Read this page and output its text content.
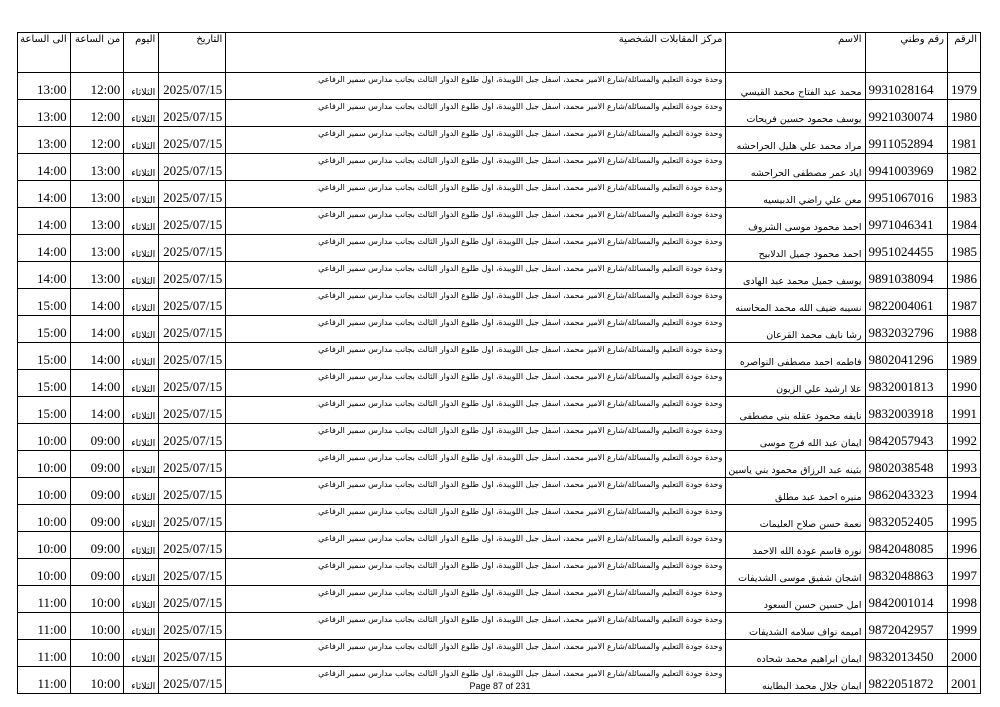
الرقم	رقم وطني	الاسم	مركز المقابلات الشخصية	التاريخ	اليوم	من الساعة	الى الساعة
1979	9931028164	محمد عبد الفتاح محمد القيسي	وحدة جودة التعليم والمسائلة/شارع الامير محمد، اسفل جبل اللويبدة، اول طلوع الدوار الثالث بجانب مدارس سمير الرفاعي	2025/07/15	الثلاثاء	12:00	13:00
1980	9921030074	يوسف محمود حسين فريحات	وحدة جودة التعليم والمسائلة/شارع الامير محمد، اسفل جبل اللويبدة، اول طلوع الدوار الثالث بجانب مدارس سمير الرفاعي	2025/07/15	الثلاثاء	12:00	13:00
1981	9911052894	مراد محمد علي هليل الحراحشه	وحدة جودة التعليم والمسائلة/شارع الامير محمد، اسفل جبل اللويبدة، اول طلوع الدوار الثالث بجانب مدارس سمير الرفاعي	2025/07/15	الثلاثاء	12:00	13:00
1982	9941003969	اياد عمر مصطفى الحراحشه	وحدة جودة التعليم والمسائلة/شارع الامير محمد، اسفل جبل اللويبدة، اول طلوع الدوار الثالث بجانب مدارس سمير الرفاعي	2025/07/15	الثلاثاء	13:00	14:00
1983	9951067016	معن علي راضي الدبيسيه	وحدة جودة التعليم والمسائلة/شارع الامير محمد، اسفل جبل اللويبدة، اول طلوع الدوار الثالث بجانب مدارس سمير الرفاعي	2025/07/15	الثلاثاء	13:00	14:00
1984	9971046341	احمد محمود موسى الشروف	وحدة جودة التعليم والمسائلة/شارع الامير محمد، اسفل جبل اللويبدة، اول طلوع الدوار الثالث بجانب مدارس سمير الرفاعي	2025/07/15	الثلاثاء	13:00	14:00
1985	9951024455	احمد محمود جميل الدلابيح	وحدة جودة التعليم والمسائلة/شارع الامير محمد، اسفل جبل اللويبدة، اول طلوع الدوار الثالث بجانب مدارس سمير الرفاعي	2025/07/15	الثلاثاء	13:00	14:00
1986	9891038094	يوسف جميل محمد عبد الهادى	وحدة جودة التعليم والمسائلة/شارع الامير محمد، اسفل جبل اللويبدة، اول طلوع الدوار الثالث بجانب مدارس سمير الرفاعي	2025/07/15	الثلاثاء	13:00	14:00
1987	9822004061	نسيبه ضيف الله محمد المحاسنه	وحدة جودة التعليم والمسائلة/شارع الامير محمد، اسفل جبل اللويبدة، اول طلوع الدوار الثالث بجانب مدارس سمير الرفاعي	2025/07/15	الثلاثاء	14:00	15:00
1988	9832032796	رشا نايف محمد القرعان	وحدة جودة التعليم والمسائلة/شارع الامير محمد، اسفل جبل اللويبدة، اول طلوع الدوار الثالث بجانب مدارس سمير الرفاعي	2025/07/15	الثلاثاء	14:00	15:00
1989	9802041296	فاطمه احمد مصطفى النواصره	وحدة جودة التعليم والمسائلة/شارع الامير محمد، اسفل جبل اللويبدة، اول طلوع الدوار الثالث بجانب مدارس سمير الرفاعي	2025/07/15	الثلاثاء	14:00	15:00
1990	9832001813	علا ارشيد علي الزيون	وحدة جودة التعليم والمسائلة/شارع الامير محمد، اسفل جبل اللويبدة، اول طلوع الدوار الثالث بجانب مدارس سمير الرفاعي	2025/07/15	الثلاثاء	14:00	15:00
1991	9832003918	نايفه محمود عقله بني مصطفى	وحدة جودة التعليم والمسائلة/شارع الامير محمد، اسفل جبل اللويبدة، اول طلوع الدوار الثالث بجانب مدارس سمير الرفاعي	2025/07/15	الثلاثاء	14:00	15:00
1992	9842057943	ايمان عبد الله فرج موسى	وحدة جودة التعليم والمسائلة/شارع الامير محمد، اسفل جبل اللويبدة، اول طلوع الدوار الثالث بجانب مدارس سمير الرفاعي	2025/07/15	الثلاثاء	09:00	10:00
1993	9802038548	بثينه عبد الرزاق محمود بني ياسين	وحدة جودة التعليم والمسائلة/شارع الامير محمد، اسفل جبل اللويبدة، اول طلوع الدوار الثالث بجانب مدارس سمير الرفاعي	2025/07/15	الثلاثاء	09:00	10:00
1994	9862043323	منيره احمد عبد مطلق	وحدة جودة التعليم والمسائلة/شارع الامير محمد، اسفل جبل اللويبدة، اول طلوع الدوار الثالث بجانب مدارس سمير الرفاعي	2025/07/15	الثلاثاء	09:00	10:00
1995	9832052405	نعمة حسن صلاح العليمات	وحدة جودة التعليم والمسائلة/شارع الامير محمد، اسفل جبل اللويبدة، اول طلوع الدوار الثالث بجانب مدارس سمير الرفاعي	2025/07/15	الثلاثاء	09:00	10:00
1996	9842048085	نوره قاسم عودة الله الاحمد	وحدة جودة التعليم والمسائلة/شارع الامير محمد، اسفل جبل اللويبدة، اول طلوع الدوار الثالث بجانب مدارس سمير الرفاعي	2025/07/15	الثلاثاء	09:00	10:00
1997	9832048863	اشجان شفيق موسى الشديفات	وحدة جودة التعليم والمسائلة/شارع الامير محمد، اسفل جبل اللويبدة، اول طلوع الدوار الثالث بجانب مدارس سمير الرفاعي	2025/07/15	الثلاثاء	09:00	10:00
1998	9842001014	امل حسين حسن السعود	وحدة جودة التعليم والمسائلة/شارع الامير محمد، اسفل جبل اللويبدة، اول طلوع الدوار الثالث بجانب مدارس سمير الرفاعي	2025/07/15	الثلاثاء	10:00	11:00
1999	9872042957	اميمه نواف سلامه الشديفات	وحدة جودة التعليم والمسائلة/شارع الامير محمد، اسفل جبل اللويبدة، اول طلوع الدوار الثالث بجانب مدارس سمير الرفاعي	2025/07/15	الثلاثاء	10:00	11:00
2000	9832013450	ايمان ابراهيم محمد شحاده	وحدة جودة التعليم والمسائلة/شارع الامير محمد، اسفل جبل اللويبدة، اول طلوع الدوار الثالث بجانب مدارس سمير الرفاعي	2025/07/15	الثلاثاء	10:00	11:00
2001	9822051872	ايمان جلال محمد البطاينه	وحدة جودة التعليم والمسائلة/شارع الامير محمد، اسفل جبل اللويبدة، اول طلوع الدوار الثالث بجانب مدارس سمير الرفاعي	2025/07/15	الثلاثاء	10:00	11:00	Page 87 of 231
